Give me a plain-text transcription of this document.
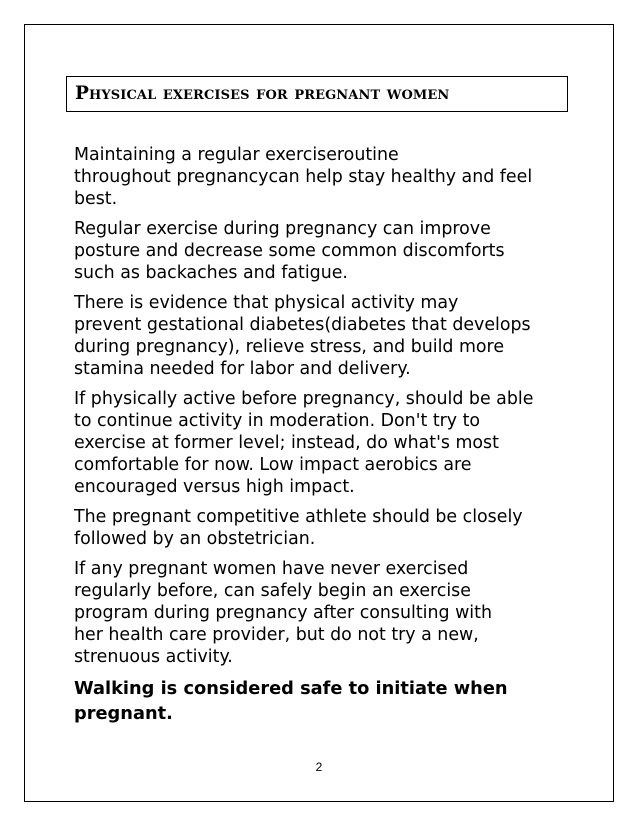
Physical exercises for pregnant women

Maintaining a regular exerciseroutine
throughout pregnancycan help stay healthy and feel
best.

Regular exercise during pregnancy can improve
posture and decrease some common discomforts
such as backaches and fatigue.

There is evidence that physical activity may
prevent gestational diabetes(diabetes that develops
during pregnancy), relieve stress, and build more
stamina needed for labor and delivery.

If physically active before pregnancy, should be able
to continue activity in moderation. Don't try to
exercise at former level; instead, do what's most
comfortable for now. Low impact aerobics are
encouraged versus high impact.

The pregnant competitive athlete should be closely
followed by an obstetrician.

If any pregnant women have never exercised
regularly before, can safely begin an exercise
program during pregnancy after consulting with
her health care provider, but do not try a new,
strenuous activity.

Walking is considered safe to initiate when
pregnant.

2
